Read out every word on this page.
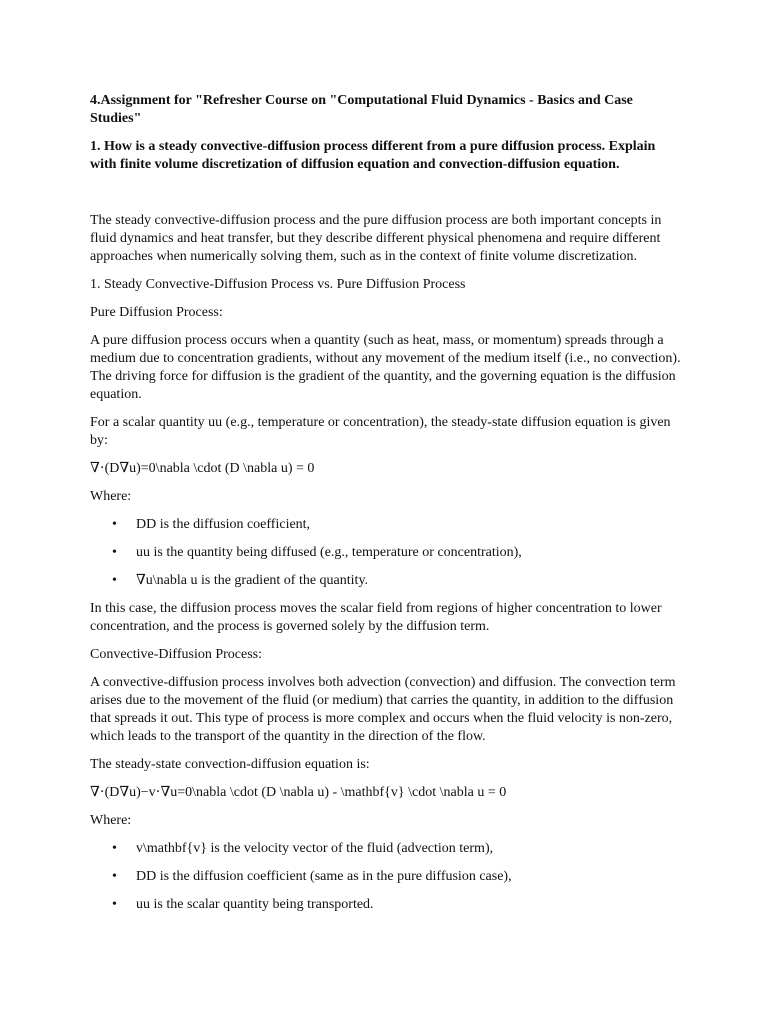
4.Assignment for "Refresher Course on "Computational Fluid Dynamics - Basics and Case Studies"
1. How is a steady convective-diffusion process different from a pure diffusion process. Explain with finite volume discretization of diffusion equation and convection-diffusion equation.

The steady convective-diffusion process and the pure diffusion process are both important concepts in fluid dynamics and heat transfer, but they describe different physical phenomena and require different approaches when numerically solving them, such as in the context of finite volume discretization.

1. Steady Convective-Diffusion Process vs. Pure Diffusion Process

Pure Diffusion Process:

A pure diffusion process occurs when a quantity (such as heat, mass, or momentum) spreads through a medium due to concentration gradients, without any movement of the medium itself (i.e., no convection). The driving force for diffusion is the gradient of the quantity, and the governing equation is the diffusion equation.

For a scalar quantity uu (e.g., temperature or concentration), the steady-state diffusion equation is given by:

∇⋅(D∇u)=0\nabla \cdot (D \nabla u) = 0

Where:

• DD is the diffusion coefficient,
• uu is the quantity being diffused (e.g., temperature or concentration),
• ∇u\nabla u is the gradient of the quantity.

In this case, the diffusion process moves the scalar field from regions of higher concentration to lower concentration, and the process is governed solely by the diffusion term.

Convective-Diffusion Process:

A convective-diffusion process involves both advection (convection) and diffusion. The convection term arises due to the movement of the fluid (or medium) that carries the quantity, in addition to the diffusion that spreads it out. This type of process is more complex and occurs when the fluid velocity is non-zero, which leads to the transport of the quantity in the direction of the flow.

The steady-state convection-diffusion equation is:

∇⋅(D∇u)−v⋅∇u=0\nabla \cdot (D \nabla u) - \mathbf{v} \cdot \nabla u = 0

Where:

• v\mathbf{v} is the velocity vector of the fluid (advection term),
• DD is the diffusion coefficient (same as in the pure diffusion case),
• uu is the scalar quantity being transported.
